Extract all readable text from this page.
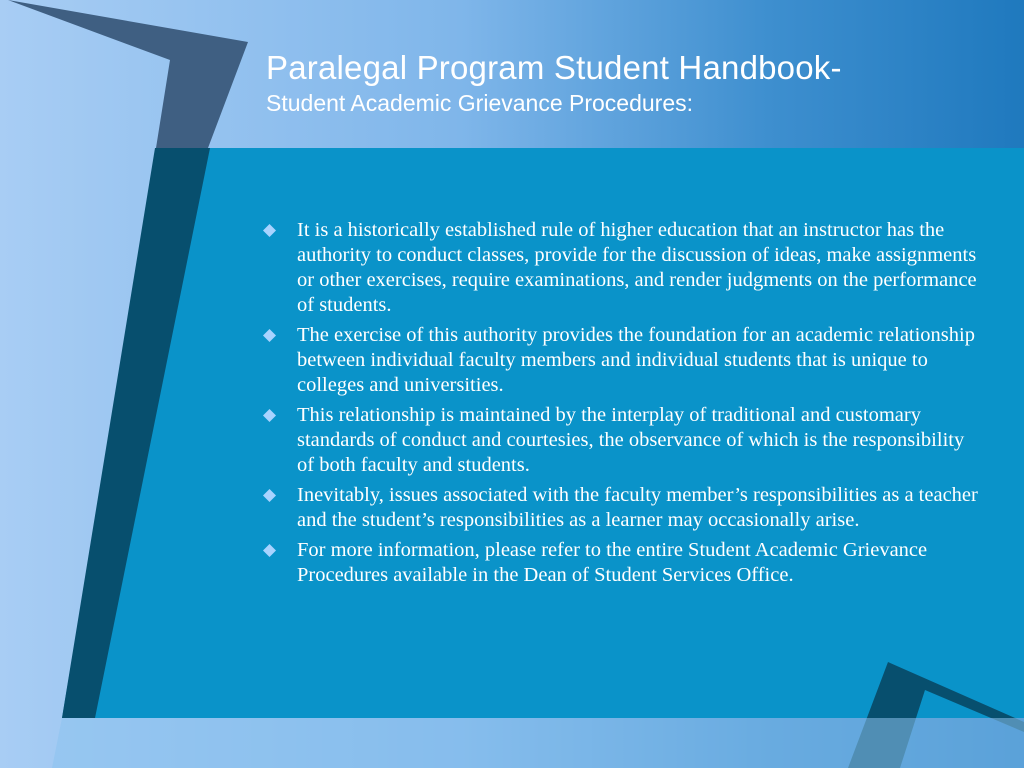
Paralegal Program Student Handbook-
Student Academic Grievance Procedures:
It is a historically established rule of higher education that an instructor has the authority to conduct classes, provide for the discussion of ideas, make assignments or other exercises, require examinations, and render judgments on the performance of students.
The exercise of this authority provides the foundation for an academic relationship between individual faculty members and individual students that is unique to colleges and universities.
This relationship is maintained by the interplay of traditional and customary standards of conduct and courtesies, the observance of which is the responsibility of both faculty and students.
Inevitably, issues associated with the faculty member’s responsibilities as a teacher and the student’s responsibilities as a learner may occasionally arise.
For more information, please refer to the entire Student Academic Grievance Procedures available in the Dean of Student Services Office.
